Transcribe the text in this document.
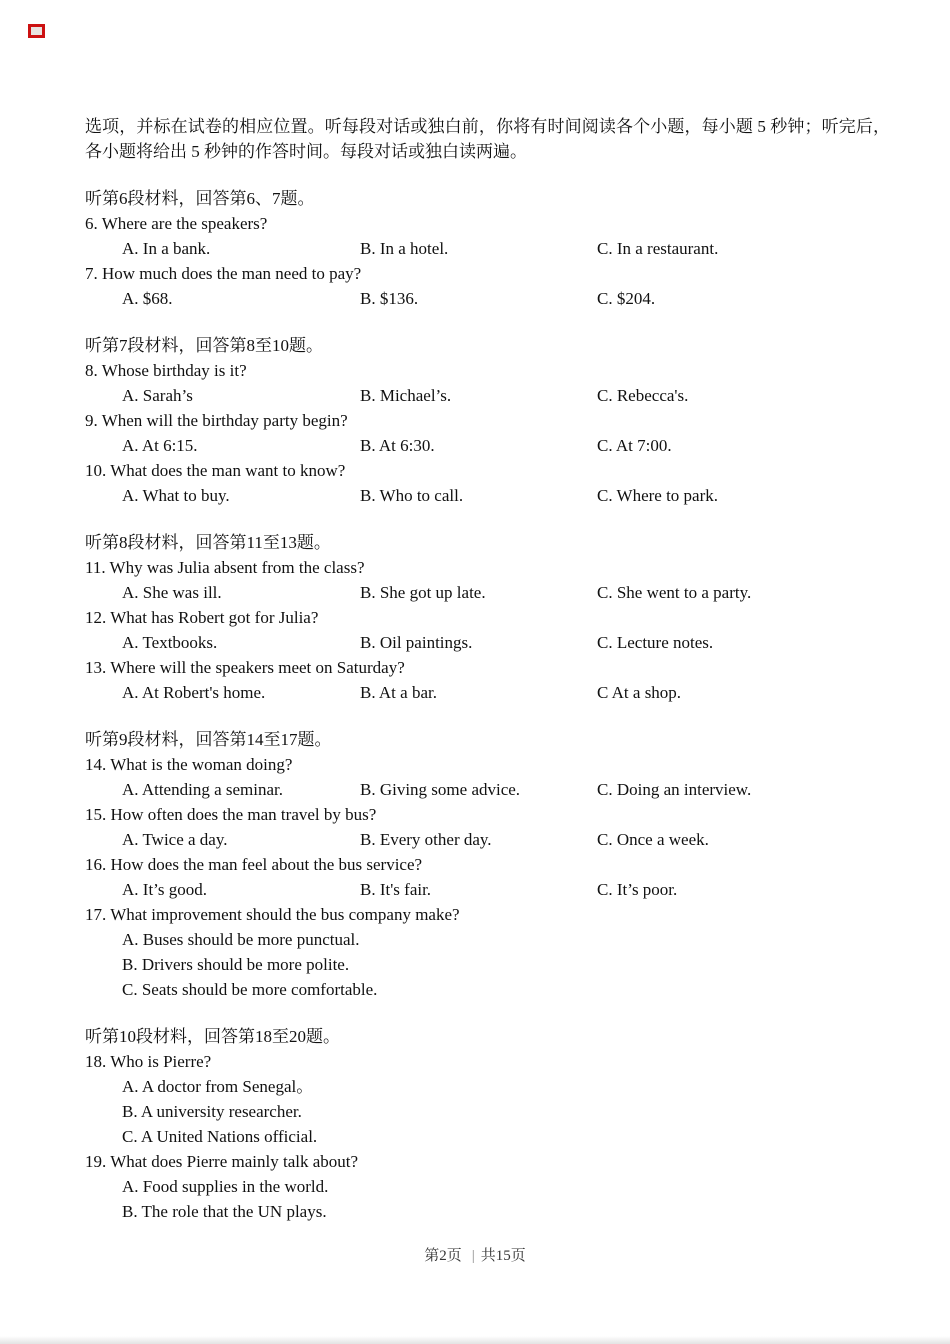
选项，并标在试卷的相应位置。听每段对话或独白前，你将有时间阅读各个小题，每小题 5 秒钟；听完后，各小题将给出 5 秒钟的作答时间。每段对话或独白读两遍。

听第6段材料，回答第6、7题。

6. Where are the speakers?

A. In a bank.	B. In a hotel.	C. In a restaurant.

7. How much does the man need to pay?

A. $68.	B. $136.	C. $204.

听第7段材料，回答第8至10题。

8. Whose birthday is it?

A. Sarah’s	B. Michael’s.	C. Rebecca's.

9. When will the birthday party begin?

A. At 6:15.	B. At 6:30.	C. At 7:00.

10. What does the man want to know?

A. What to buy.	B. Who to call.	C. Where to park.

听第8段材料，回答第11至13题。

11. Why was Julia absent from the class?

A. She was ill.	B. She got up late.	C. She went to a party.

12. What has Robert got for Julia?

A. Textbooks.	B. Oil paintings.	C. Lecture notes.

13. Where will the speakers meet on Saturday?

A. At Robert's home.	B. At a bar.	C At a shop.

听第9段材料，回答第14至17题。

14. What is the woman doing?

A. Attending a seminar.	B. Giving some advice.	C. Doing an interview.

15. How often does the man travel by bus?

A. Twice a day.	B. Every other day.	C. Once a week.

16. How does the man feel about the bus service?

A. It’s good.	B. It's fair.	C. It’s poor.

17. What improvement should the bus company make?

A. Buses should be more punctual.

B. Drivers should be more polite.

C. Seats should be more comfortable.

听第10段材料，回答第18至20题。

18. Who is Pierre?

A. A doctor from Senegal。

B. A university researcher.

C. A United Nations official.

19. What does Pierre mainly talk about?

A. Food supplies in the world.

B. The role that the UN plays.

第2页 | 共15页
